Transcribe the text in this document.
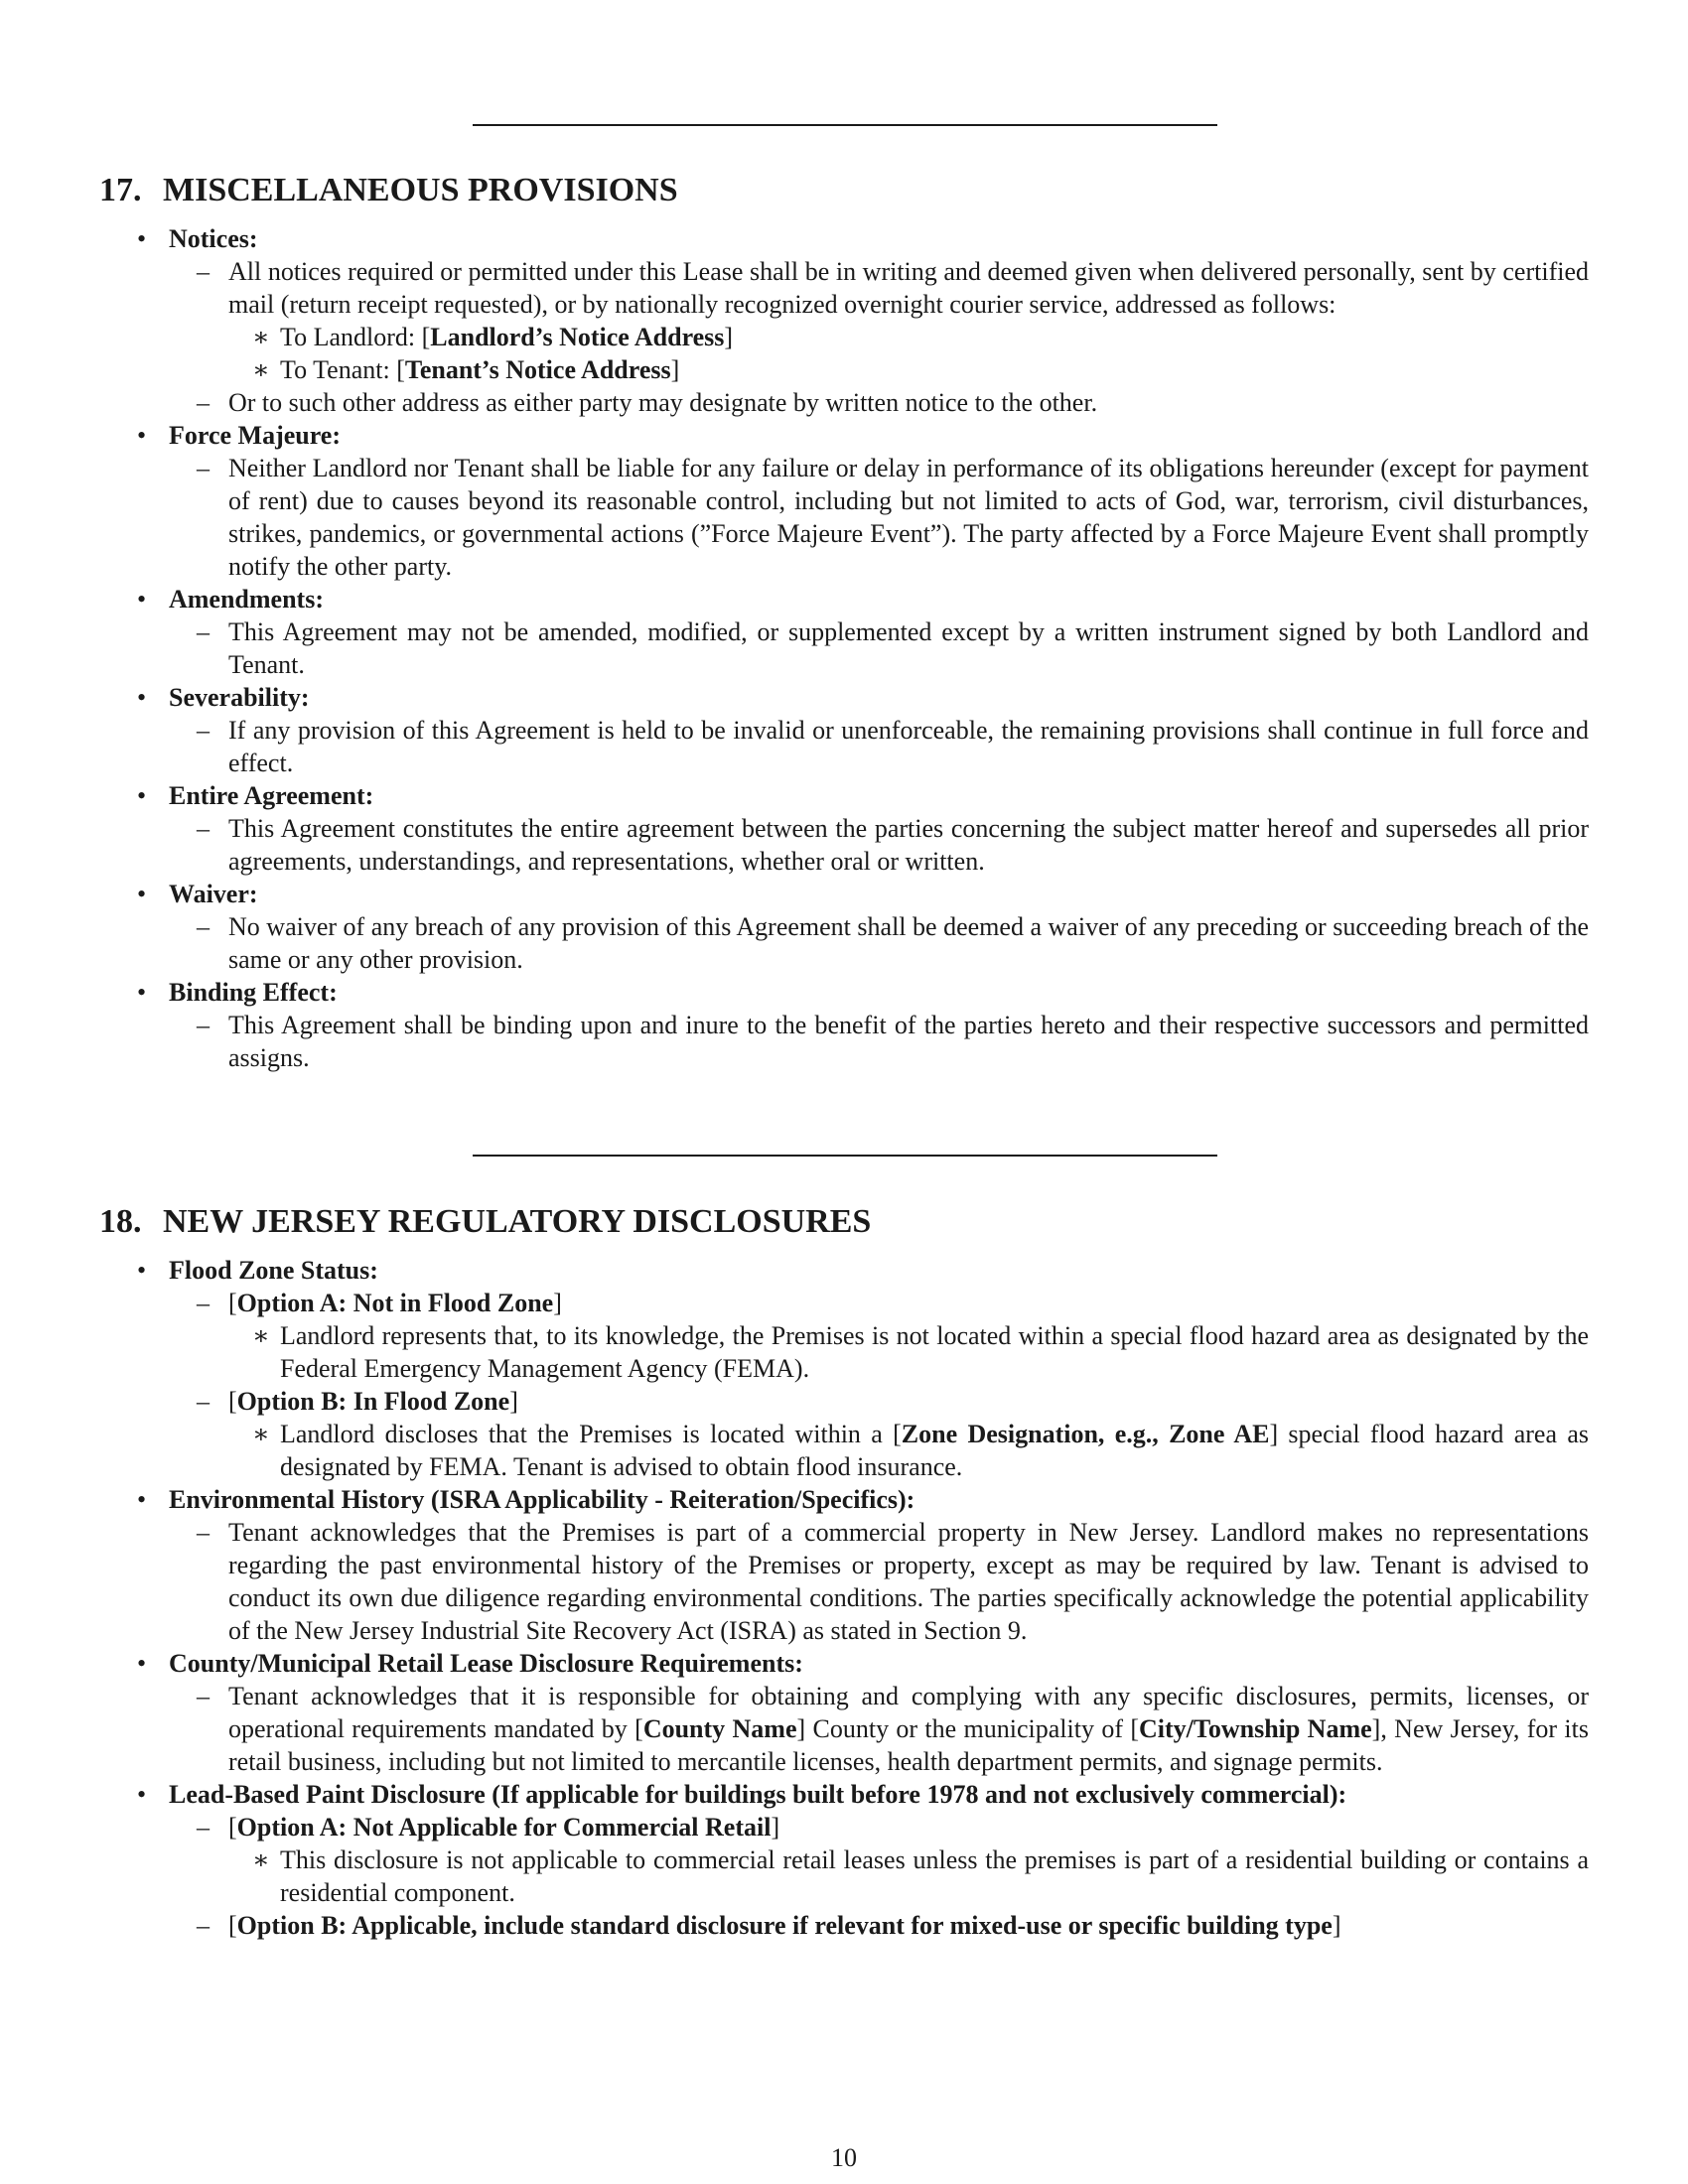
17. MISCELLANEOUS PROVISIONS
• Notices:
– All notices required or permitted under this Lease shall be in writing and deemed given when delivered personally, sent by certified mail (return receipt requested), or by nationally recognized overnight courier service, addressed as follows:
∗ To Landlord: [Landlord’s Notice Address]
∗ To Tenant: [Tenant’s Notice Address]
– Or to such other address as either party may designate by written notice to the other.
• Force Majeure:
– Neither Landlord nor Tenant shall be liable for any failure or delay in performance of its obligations hereunder (except for payment of rent) due to causes beyond its reasonable control, including but not limited to acts of God, war, terrorism, civil disturbances, strikes, pandemics, or governmental actions (”Force Majeure Event”). The party affected by a Force Majeure Event shall promptly notify the other party.
• Amendments:
– This Agreement may not be amended, modified, or supplemented except by a written instrument signed by both Landlord and Tenant.
• Severability:
– If any provision of this Agreement is held to be invalid or unenforceable, the remaining provisions shall continue in full force and effect.
• Entire Agreement:
– This Agreement constitutes the entire agreement between the parties concerning the subject matter hereof and supersedes all prior agreements, understandings, and representations, whether oral or written.
• Waiver:
– No waiver of any breach of any provision of this Agreement shall be deemed a waiver of any preceding or succeeding breach of the same or any other provision.
• Binding Effect:
– This Agreement shall be binding upon and inure to the benefit of the parties hereto and their respective successors and permitted assigns.
18. NEW JERSEY REGULATORY DISCLOSURES
• Flood Zone Status:
– [Option A: Not in Flood Zone]
∗ Landlord represents that, to its knowledge, the Premises is not located within a special flood hazard area as designated by the Federal Emergency Management Agency (FEMA).
– [Option B: In Flood Zone]
∗ Landlord discloses that the Premises is located within a [Zone Designation, e.g., Zone AE] special flood hazard area as designated by FEMA. Tenant is advised to obtain flood insurance.
• Environmental History (ISRA Applicability - Reiteration/Specifics):
– Tenant acknowledges that the Premises is part of a commercial property in New Jersey. Landlord makes no representations regarding the past environmental history of the Premises or property, except as may be required by law. Tenant is advised to conduct its own due diligence regarding environmental conditions. The parties specifically acknowledge the potential applicability of the New Jersey Industrial Site Recovery Act (ISRA) as stated in Section 9.
• County/Municipal Retail Lease Disclosure Requirements:
– Tenant acknowledges that it is responsible for obtaining and complying with any specific disclosures, permits, licenses, or operational requirements mandated by [County Name] County or the municipality of [City/Township Name], New Jersey, for its retail business, including but not limited to mercantile licenses, health department permits, and signage permits.
• Lead-Based Paint Disclosure (If applicable for buildings built before 1978 and not exclusively commercial):
– [Option A: Not Applicable for Commercial Retail]
∗ This disclosure is not applicable to commercial retail leases unless the premises is part of a residential building or contains a residential component.
– [Option B: Applicable, include standard disclosure if relevant for mixed-use or specific building type]
10
